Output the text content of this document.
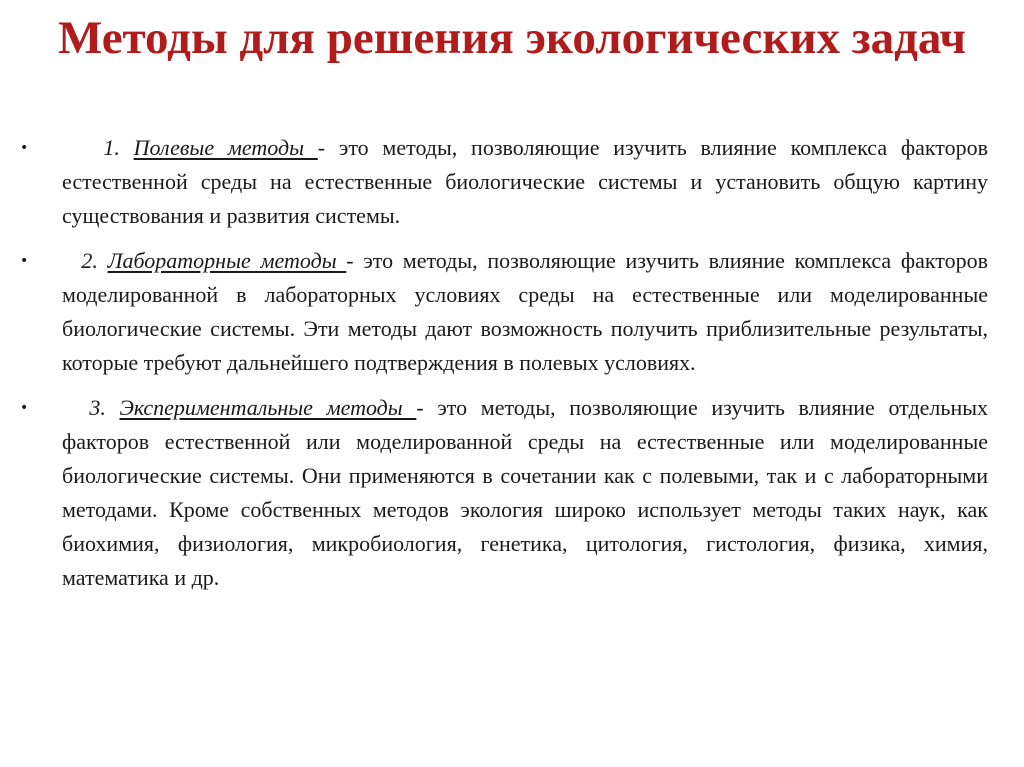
Методы для решения экологических задач
•	1. Полевые методы - это методы, позволяющие изучить влияние комплекса факторов естественной среды на естественные биологические системы и установить общую картину существования и развития системы.
• 2. Лабораторные методы - это методы, позволяющие изучить влияние комплекса факторов моделированной в лабораторных условиях среды на естественные или моделированные биологические системы. Эти методы дают возможность получить приблизительные результаты, которые требуют дальнейшего подтверждения в полевых условиях.
•	3. Экспериментальные методы - это методы, позволяющие изучить влияние отдельных факторов естественной или моделированной среды на естественные или моделированные биологические системы. Они применяются в сочетании как с полевыми, так и с лабораторными методами. Кроме собственных методов экология широко использует методы таких наук, как биохимия, физиология, микробиология, генетика, цитология, гистология, физика, химия, математика и др.
